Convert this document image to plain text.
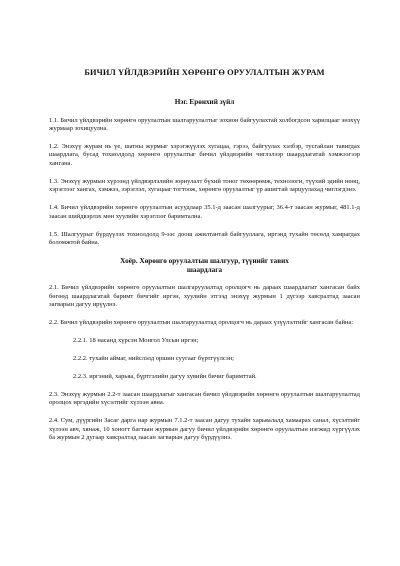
БИЧИЛ ҮЙЛДВЭРИЙН ХӨРӨНГӨ ОРУУЛАЛТЫН ЖУРАМ
Нэг. Ерөнхий зүйл
1.1. Бичил үйлдвэрийн хөрөнгө оруулалтын шалгаруулалтыг зохион байгуулахтай холбогдсон харилцааг энэхүү журмаар зохицуулна.
1.2. Энэхүү журам нь үе, шатны журмыг хэрэгжүүлэх хугацаа, гэрээ, байгуулах хэлбэр, тусгайлан тавигдах шаардлага, бусад тохиолдолд хөрөнгө оруулалтыг бичил үйлдвэрийн чиглэлээр шаардлагатай хэмжээгээр хангана.
1.3. Энэхүү журмын хүрээнд үйлдвэрлэлийн зориулалт бүхий тоног төхөөрөмж, технологи, түүхий эдийн нөөц, хэрэглээг хангах, хэмжээ, зэрэглэл, хугацааг тогтоож, хөрөнгө оруулалтыг үр ашигтай зарцуулахад чиглэгдэнэ.
1.4. Бичил үйлдвэрийн хөрөнгө оруулалтын асуудлаар 35.1-д заасан шалгуурыг, 36.4-т заасан журмыг, 481.1-д заасан шийдвэрлэх мөн хуулийн хэрэглээг баримтална.
1.5. Шалгуурыг бүрдүүлэх тохиолдолд 9-ээс доош ажилтантай байгууллага, иргэнд тухайн төсөлд хамрагдах боломжтой байна.
Хоёр. Хөрөнгө оруулалтын шалгуур, түүнийг тавих
шаардлага
2.1. Бичил үйлдвэрийн хөрөнгө оруулалтын шалгаруулалтад оролцогч нь дараах шаардлагыг хангасан байх бөгөөд шаардлагатай баримт бичгийг иргэн, хуулийн этгээд энэхүү журмын 1 дүгээр хавсралтад заасан загварын дагуу ирүүлнэ.
2.2. Бичил үйлдвэрийн хөрөнгө оруулалтын шалгаруулалтад оролцогч нь дараах үзүүлэлтийг хангасан байна:
2.2.1. 18 насанд хүрсэн Монгол Улсын иргэн;
2.2.2. тухайн аймаг, нийслэлд оршин суугааг бүртгүүлсэн;
2.2.3. иргэний, харьяа, бүртгэлийн дагуу хувийн бичиг баримттай.
2.3. Энэхүү журмын 2.2-т заасан шаардлагыг хангасан бичил үйлдвэрийн хөрөнгө оруулалтын шалгаруулалтад оролцох иргэдийн хүсэлтийг хүлээн авна.
2.4. Сум, дүүргийн Засаг дарга нар журмын 7.1.2-т заасан дагуу тухайн харьяалалд хамаарах санал, хүсэлтийг хүлээн авч, хянаж, 10 хоногт багтаан журмын дагуу бичил үйлдвэрийн хөрөнгө оруулалтын нэгжид хүргүүлэх ба журмын 2 дугаар хавсралтад заасан загварын дагуу бүрдүүлнэ.
